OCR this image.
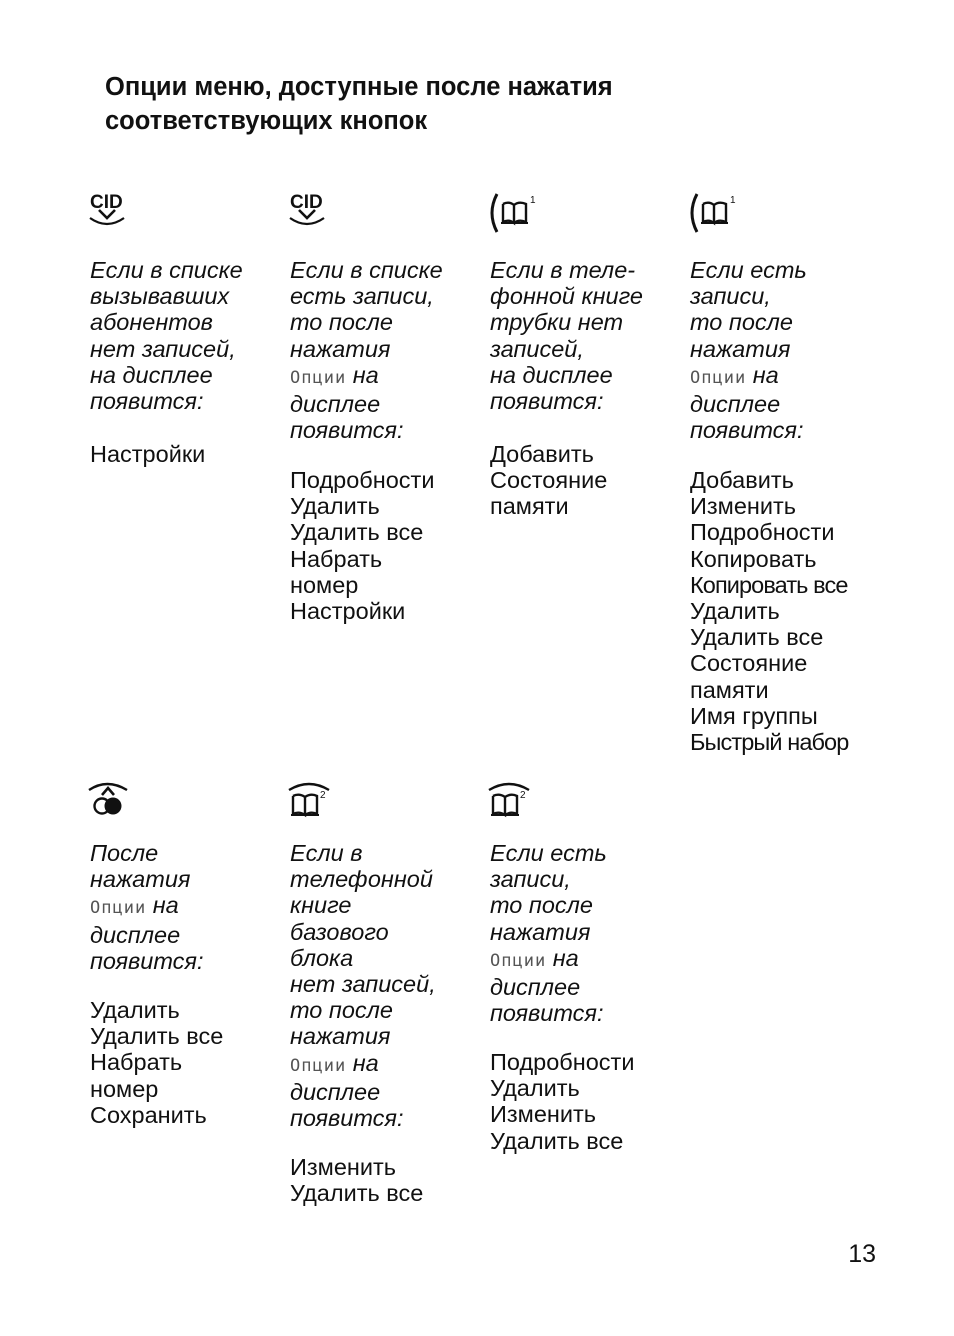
Опции меню, доступные после нажатия
соответствующих кнопок
CID
Если в списке
вызывавших
абонентов
нет записей,
на дисплее
появится:
Настройки
CID
Если в списке
есть записи,
то после
нажатия
Опции на
дисплее
появится:
Подробности
Удалить
Удалить все
Набрать
номер
Настройки
1
Если в теле-
фонной книге
трубки нет
записей,
на дисплее
появится:
Добавить
Состояние
памяти
1
Если есть
записи,
то после
нажатия
Опции на
дисплее
появится:
Добавить
Изменить
Подробности
Копировать
Копировать все
Удалить
Удалить все
Состояние
памяти
Имя группы
Быстрый набор
После
нажатия
Опции на
дисплее
появится:
Удалить
Удалить все
Набрать
номер
Сохранить
2
Если в
телефонной
книге
базового
блока
нет записей,
то после
нажатия
Опции на
дисплее
появится:
Изменить
Удалить все
2
Если есть
записи,
то после
нажатия
Опции на
дисплее
появится:
Подробности
Удалить
Изменить
Удалить все
13
